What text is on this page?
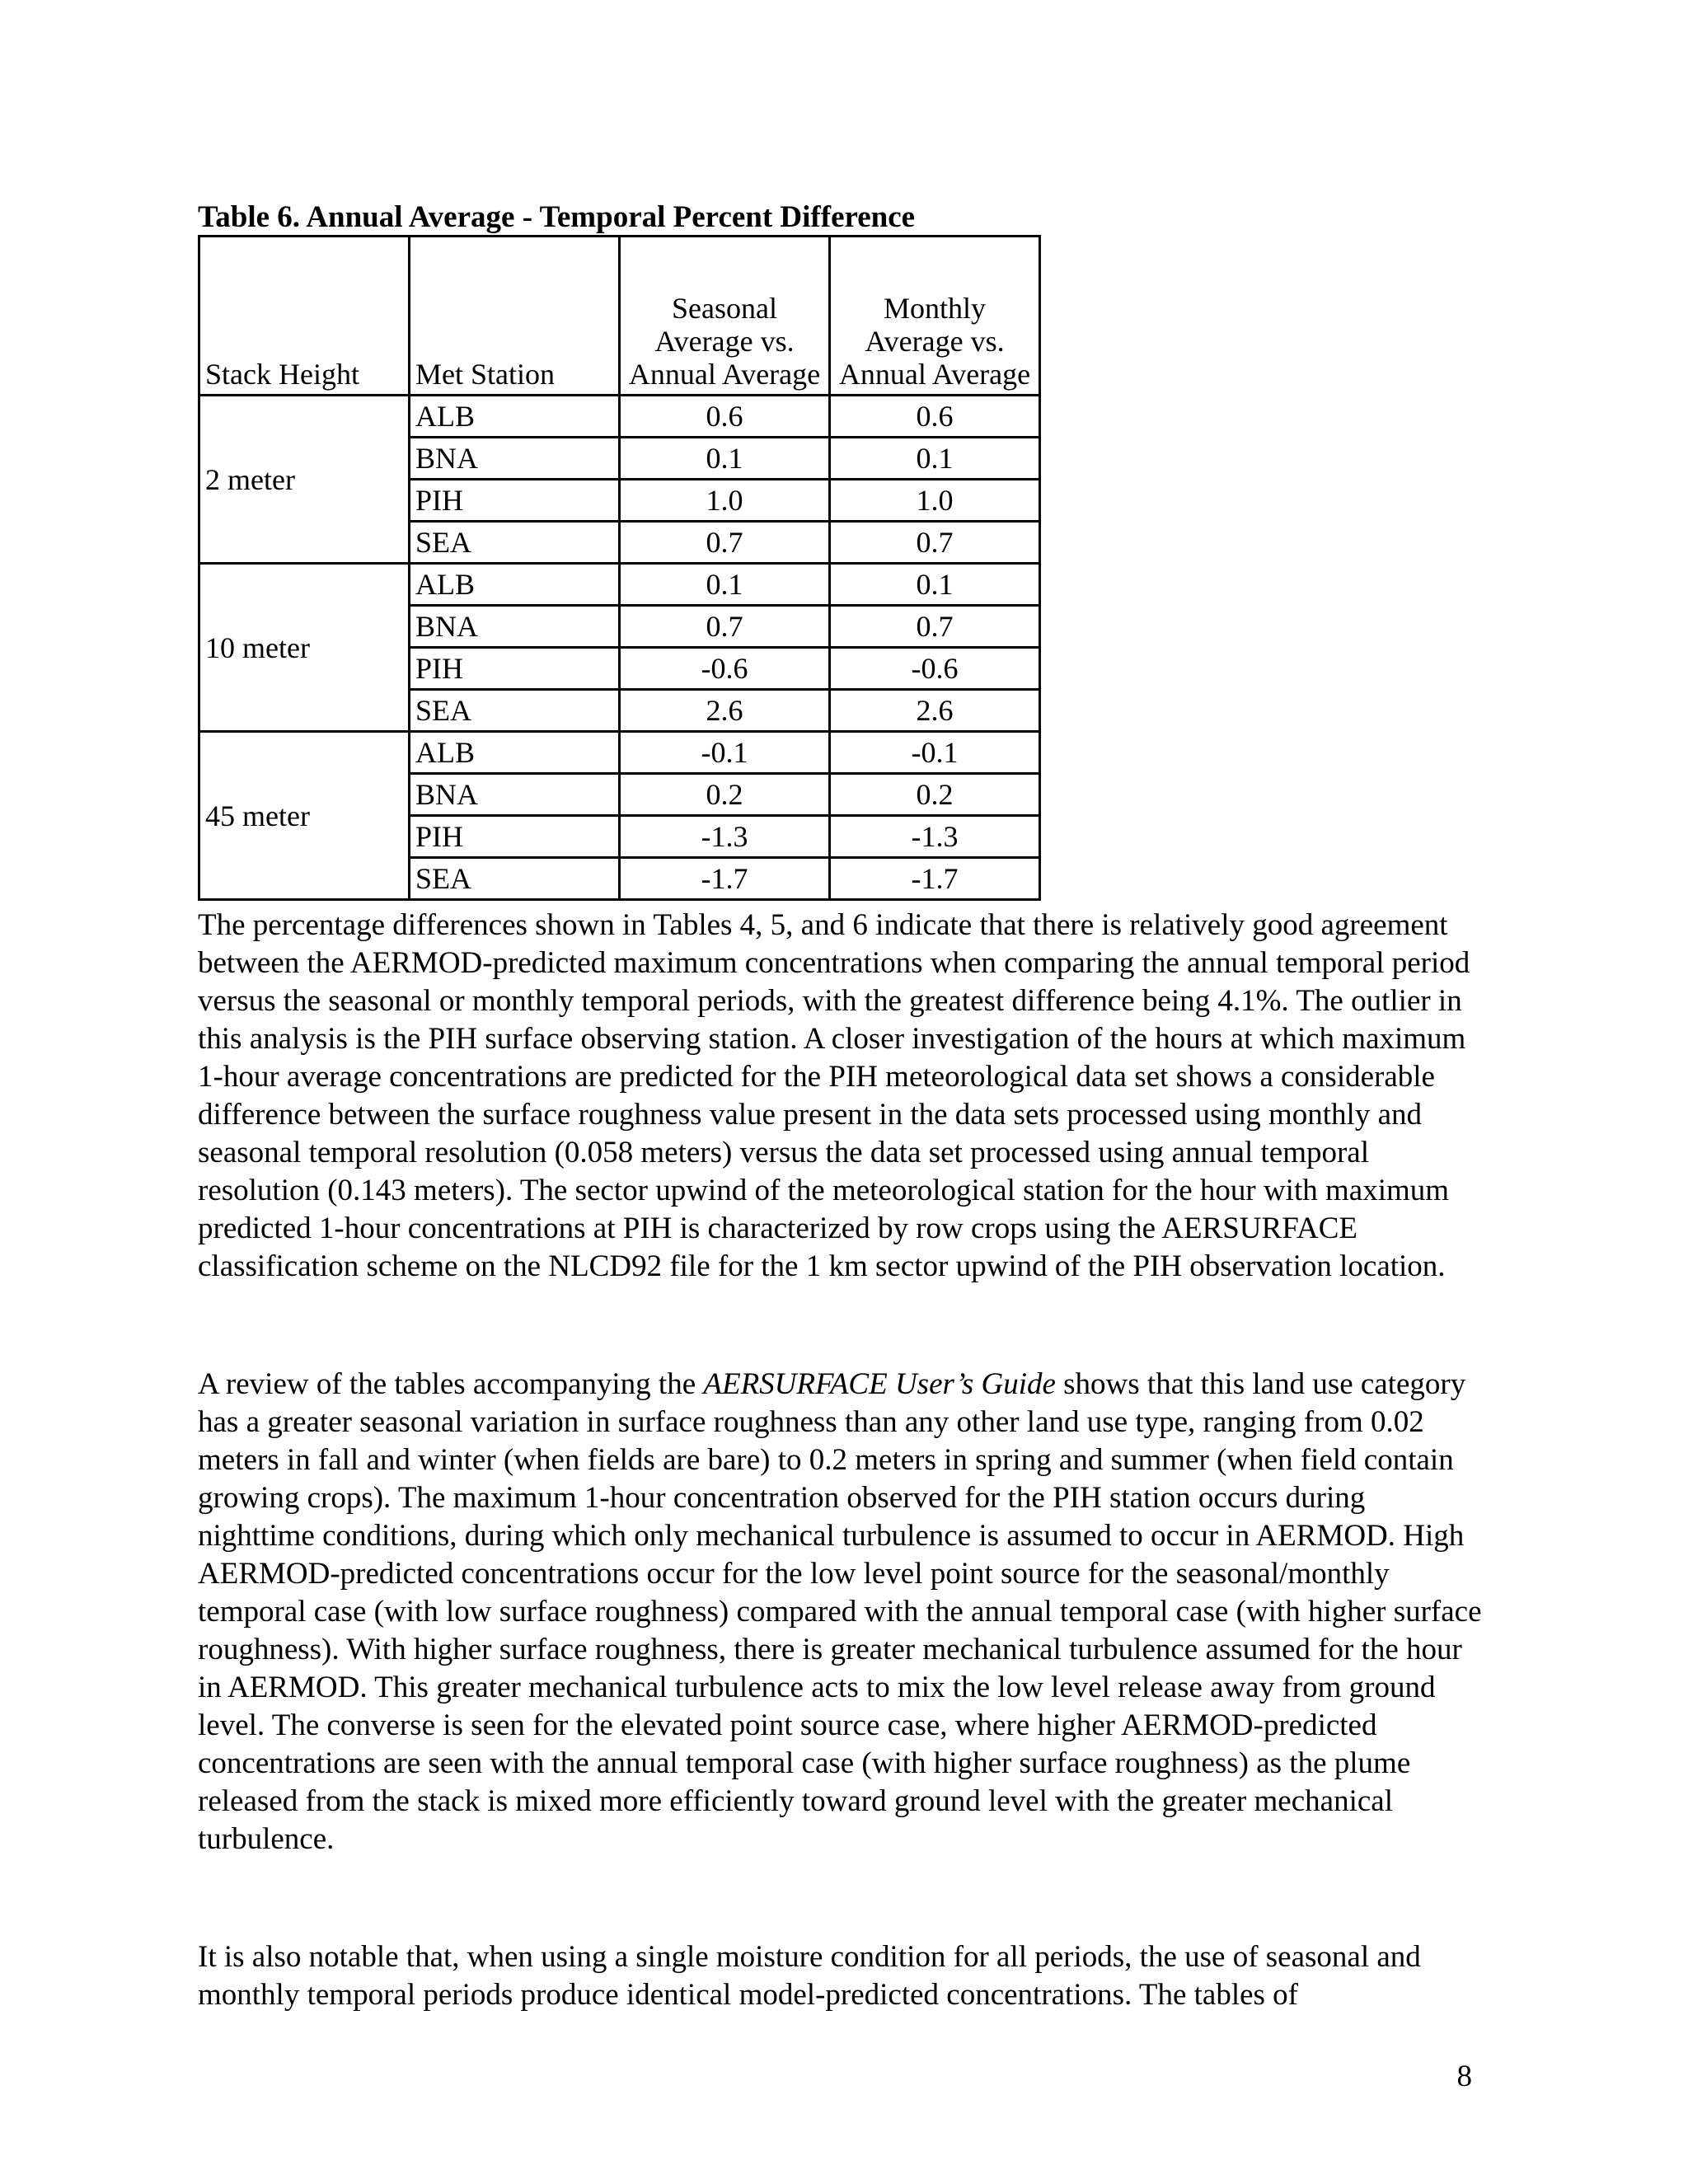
Table 6. Annual Average - Temporal Percent Difference
Stack Height	Met Station	Seasonal Average vs. Annual Average	Monthly Average vs. Annual Average
2 meter	ALB	0.6	0.6
	BNA	0.1	0.1
	PIH	1.0	1.0
	SEA	0.7	0.7
10 meter	ALB	0.1	0.1
	BNA	0.7	0.7
	PIH	-0.6	-0.6
	SEA	2.6	2.6
45 meter	ALB	-0.1	-0.1
	BNA	0.2	0.2
	PIH	-1.3	-1.3
	SEA	-1.7	-1.7

The percentage differences shown in Tables 4, 5, and 6 indicate that there is relatively good agreement between the AERMOD-predicted maximum concentrations when comparing the annual temporal period versus the seasonal or monthly temporal periods, with the greatest difference being 4.1%. The outlier in this analysis is the PIH surface observing station. A closer investigation of the hours at which maximum 1-hour average concentrations are predicted for the PIH meteorological data set shows a considerable difference between the surface roughness value present in the data sets processed using monthly and seasonal temporal resolution (0.058 meters) versus the data set processed using annual temporal resolution (0.143 meters). The sector upwind of the meteorological station for the hour with maximum predicted 1-hour concentrations at PIH is characterized by row crops using the AERSURFACE classification scheme on the NLCD92 file for the 1 km sector upwind of the PIH observation location.

A review of the tables accompanying the AERSURFACE User’s Guide shows that this land use category has a greater seasonal variation in surface roughness than any other land use type, ranging from 0.02 meters in fall and winter (when fields are bare) to 0.2 meters in spring and summer (when field contain growing crops). The maximum 1-hour concentration observed for the PIH station occurs during nighttime conditions, during which only mechanical turbulence is assumed to occur in AERMOD. High AERMOD-predicted concentrations occur for the low level point source for the seasonal/monthly temporal case (with low surface roughness) compared with the annual temporal case (with higher surface roughness). With higher surface roughness, there is greater mechanical turbulence assumed for the hour in AERMOD. This greater mechanical turbulence acts to mix the low level release away from ground level. The converse is seen for the elevated point source case, where higher AERMOD-predicted concentrations are seen with the annual temporal case (with higher surface roughness) as the plume released from the stack is mixed more efficiently toward ground level with the greater mechanical turbulence.

It is also notable that, when using a single moisture condition for all periods, the use of seasonal and monthly temporal periods produce identical model-predicted concentrations. The tables of

8
